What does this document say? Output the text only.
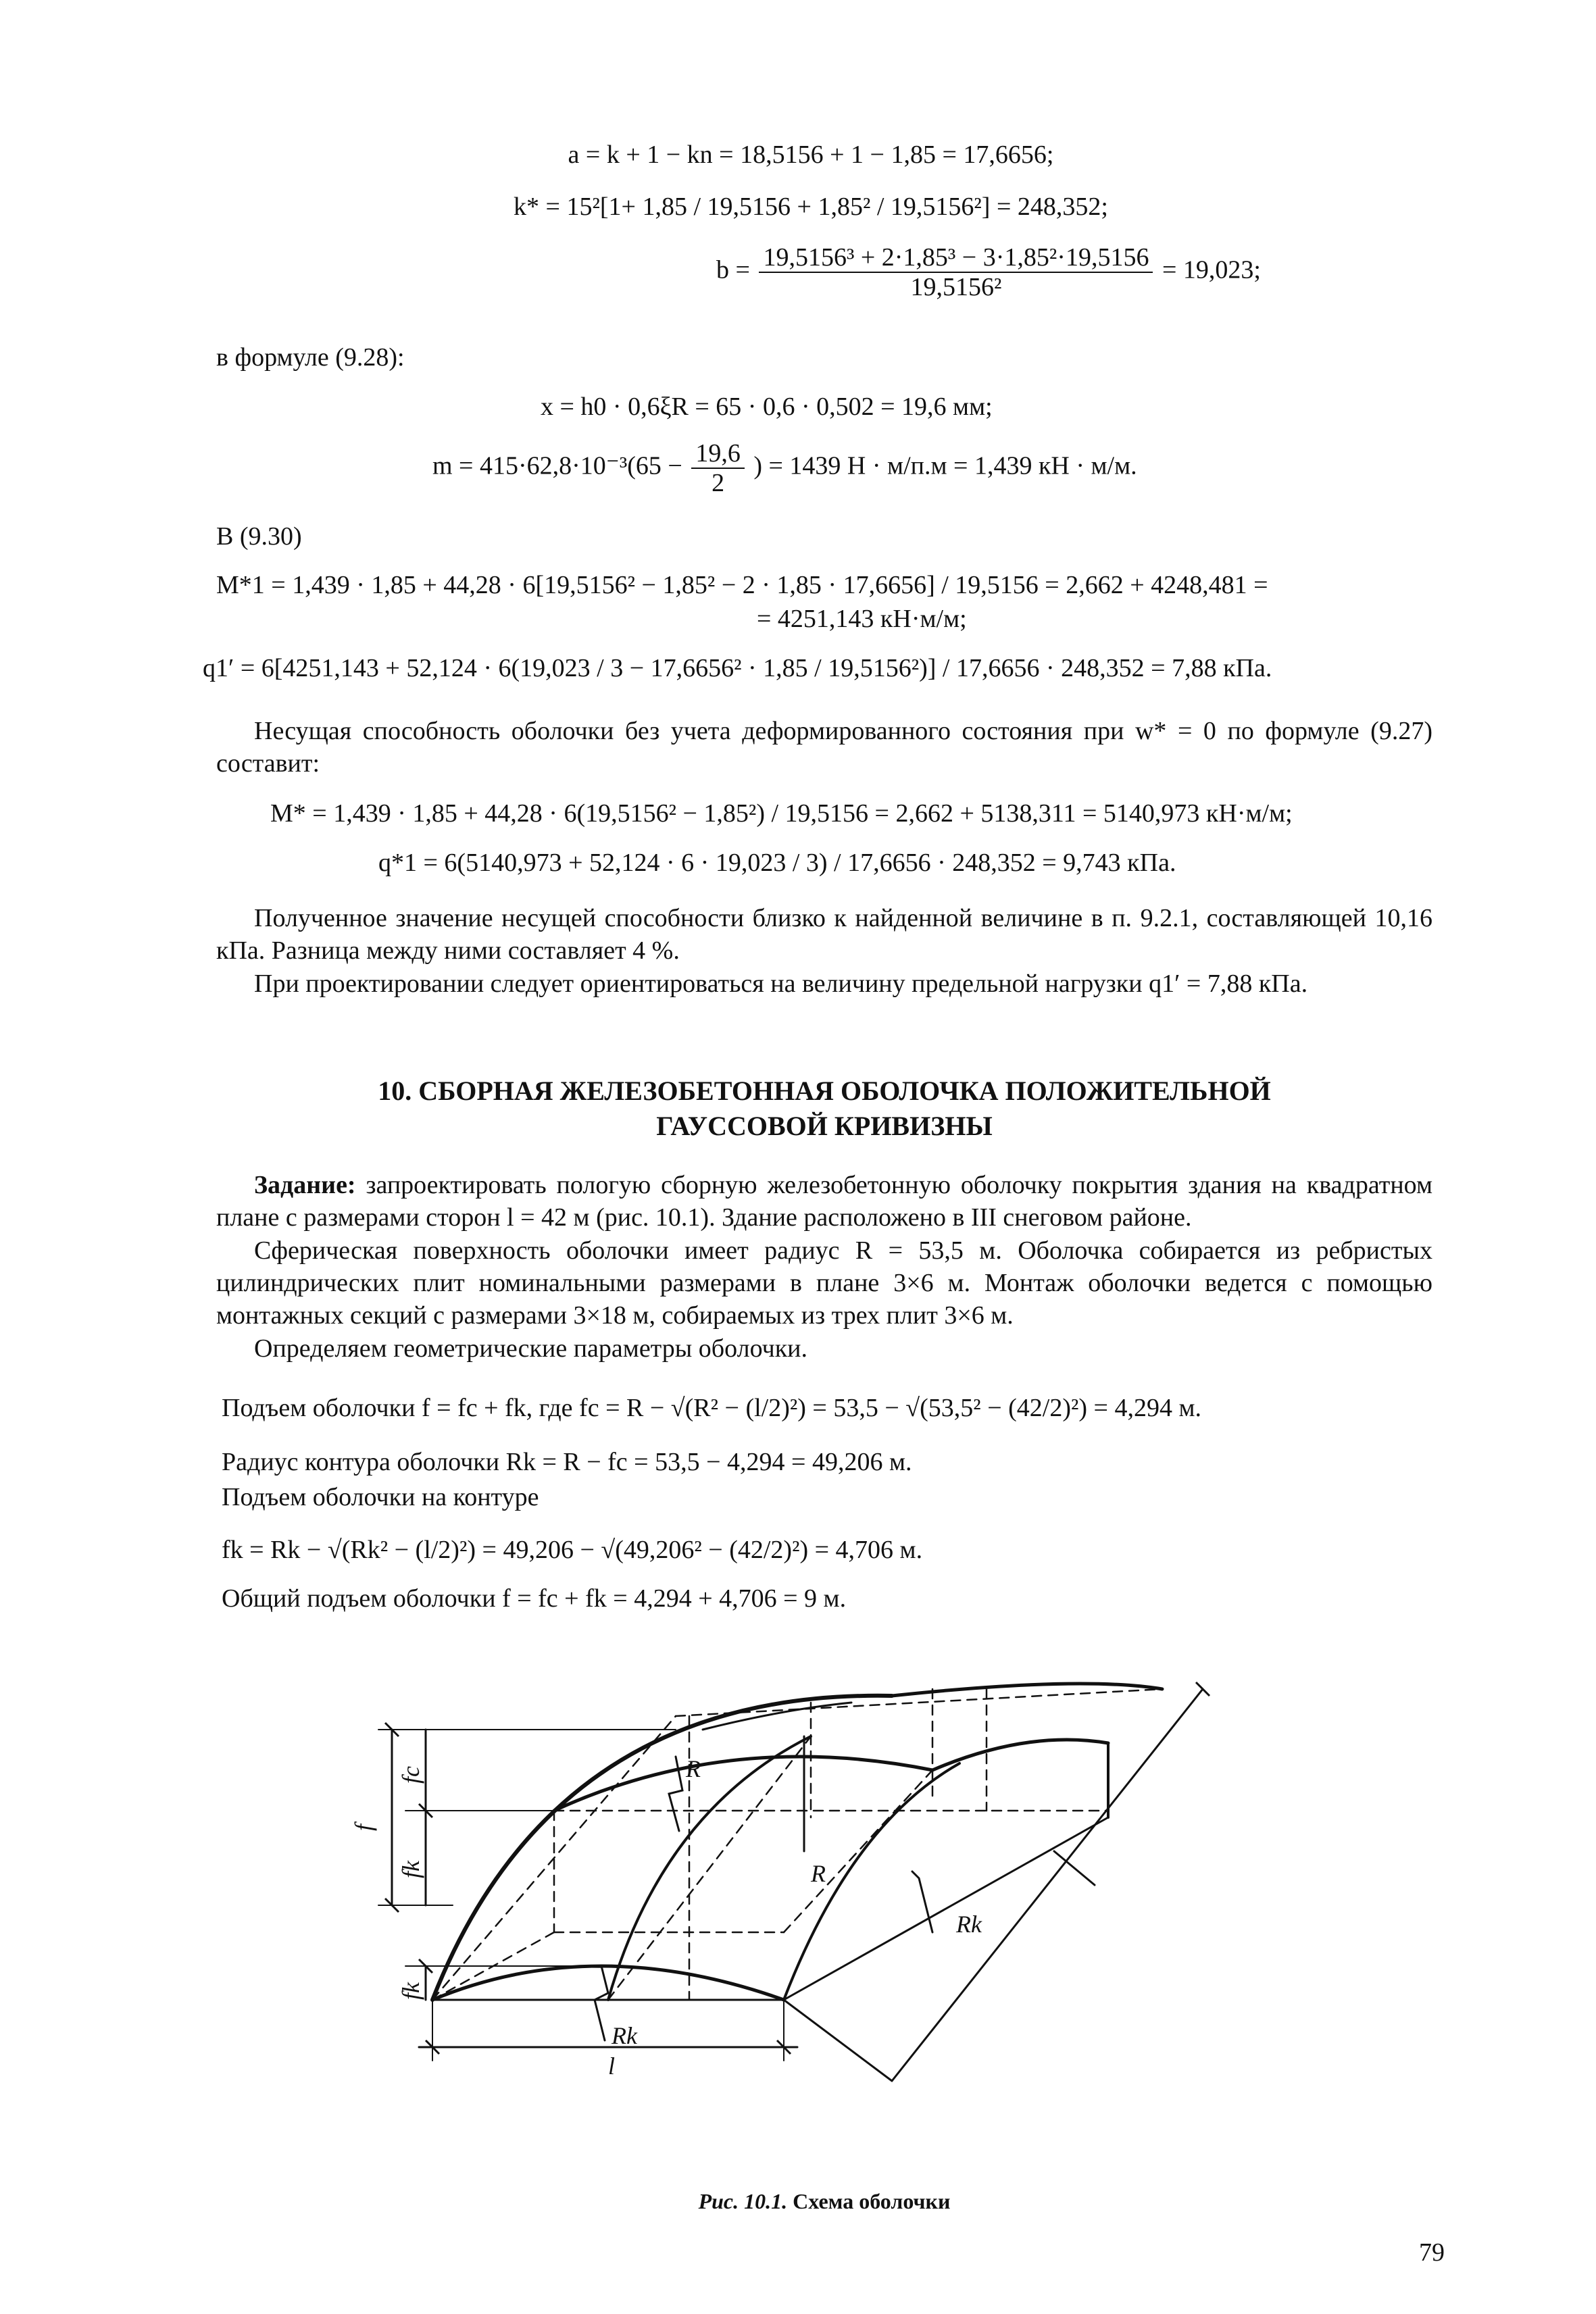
a = k + 1 − kn = 18,5156 + 1 − 1,85 = 17,6656;
k* = 15²[1+ 1,85 / 19,5156 + 1,85² / 19,5156²] = 248,352;
$b = \frac{\text{19,5156³ + 2·1,85³ − 3·1,85²·19,5156}}{\text{19,5156²}} = 19,023$;
в формуле (9.28):
x = h0 · 0,6ξR = 65 · 0,6 · 0,502 = 19,6 мм;
$m = 415\cdot 62,8\cdot 10^{-3}(65 - \frac{19,6}{2}$ ) = 1439 Н · м/п.м = 1,439 кН · м/м.
В (9.30)
M*1 = 1,439 · 1,85 + 44,28 · 6[19,5156² − 1,85² − 2 · 1,85 · 17,6656] / 19,5156 = 2,662 + 4248,481 =
= 4251,143 кН·м/м;
q1′ = 6[4251,143 + 52,124 · 6(19,023 / 3 − 17,6656² · 1,85 / 19,5156²)] / 17,6656 · 248,352 = 7,88 кПа.
Несущая способность оболочки без учета деформированного состояния при w* = 0 по формуле (9.27) составит:
M* = 1,439 · 1,85 + 44,28 · 6(19,5156² − 1,85²) / 19,5156 = 2,662 + 5138,311 = 5140,973 кН·м/м;
q*1 = 6(5140,973 + 52,124 · 6 · 19,023 / 3) / 17,6656 · 248,352 = 9,743 кПа.
Полученное значение несущей способности близко к найденной величине в п. 9.2.1, составляющей 10,16 кПа. Разница между ними составляет 4 %.
При проектировании следует ориентироваться на величину предельной нагрузки q1′ = 7,88 кПа.
10. СБОРНАЯ ЖЕЛЕЗОБЕТОННАЯ ОБОЛОЧКА ПОЛОЖИТЕЛЬНОЙ
ГАУССОВОЙ КРИВИЗНЫ
Задание: запроектировать пологую сборную железобетонную оболочку покрытия здания на квадратном плане с размерами сторон l = 42 м (рис. 10.1). Здание расположено в III снеговом районе.
Сферическая поверхность оболочки имеет радиус R = 53,5 м. Оболочка собирается из ребристых цилиндрических плит номинальными размерами в плане 3×6 м. Монтаж оболочки ведется с помощью монтажных секций с размерами 3×18 м, собираемых из трех плит 3×6 м.
Определяем геометрические параметры оболочки.
Подъем оболочки f = fc + fk, где fc = R − √(R² − (l/2)²) = 53,5 − √(53,5² − (42/2)²) = 4,294 м.
Радиус контура оболочки Rk = R − fc = 53,5 − 4,294 = 49,206 м.
Подъем оболочки на контуре
fk = Rk − √(Rk² − (l/2)²) = 49,206 − √(49,206² − (42/2)²) = 4,706 м.
Общий подъем оболочки f = fc + fk = 4,294 + 4,706 = 9 м.
f
fc
fk
fk
R
R
Rk
Rk
l
Рис. 10.1. Схема оболочки
79
